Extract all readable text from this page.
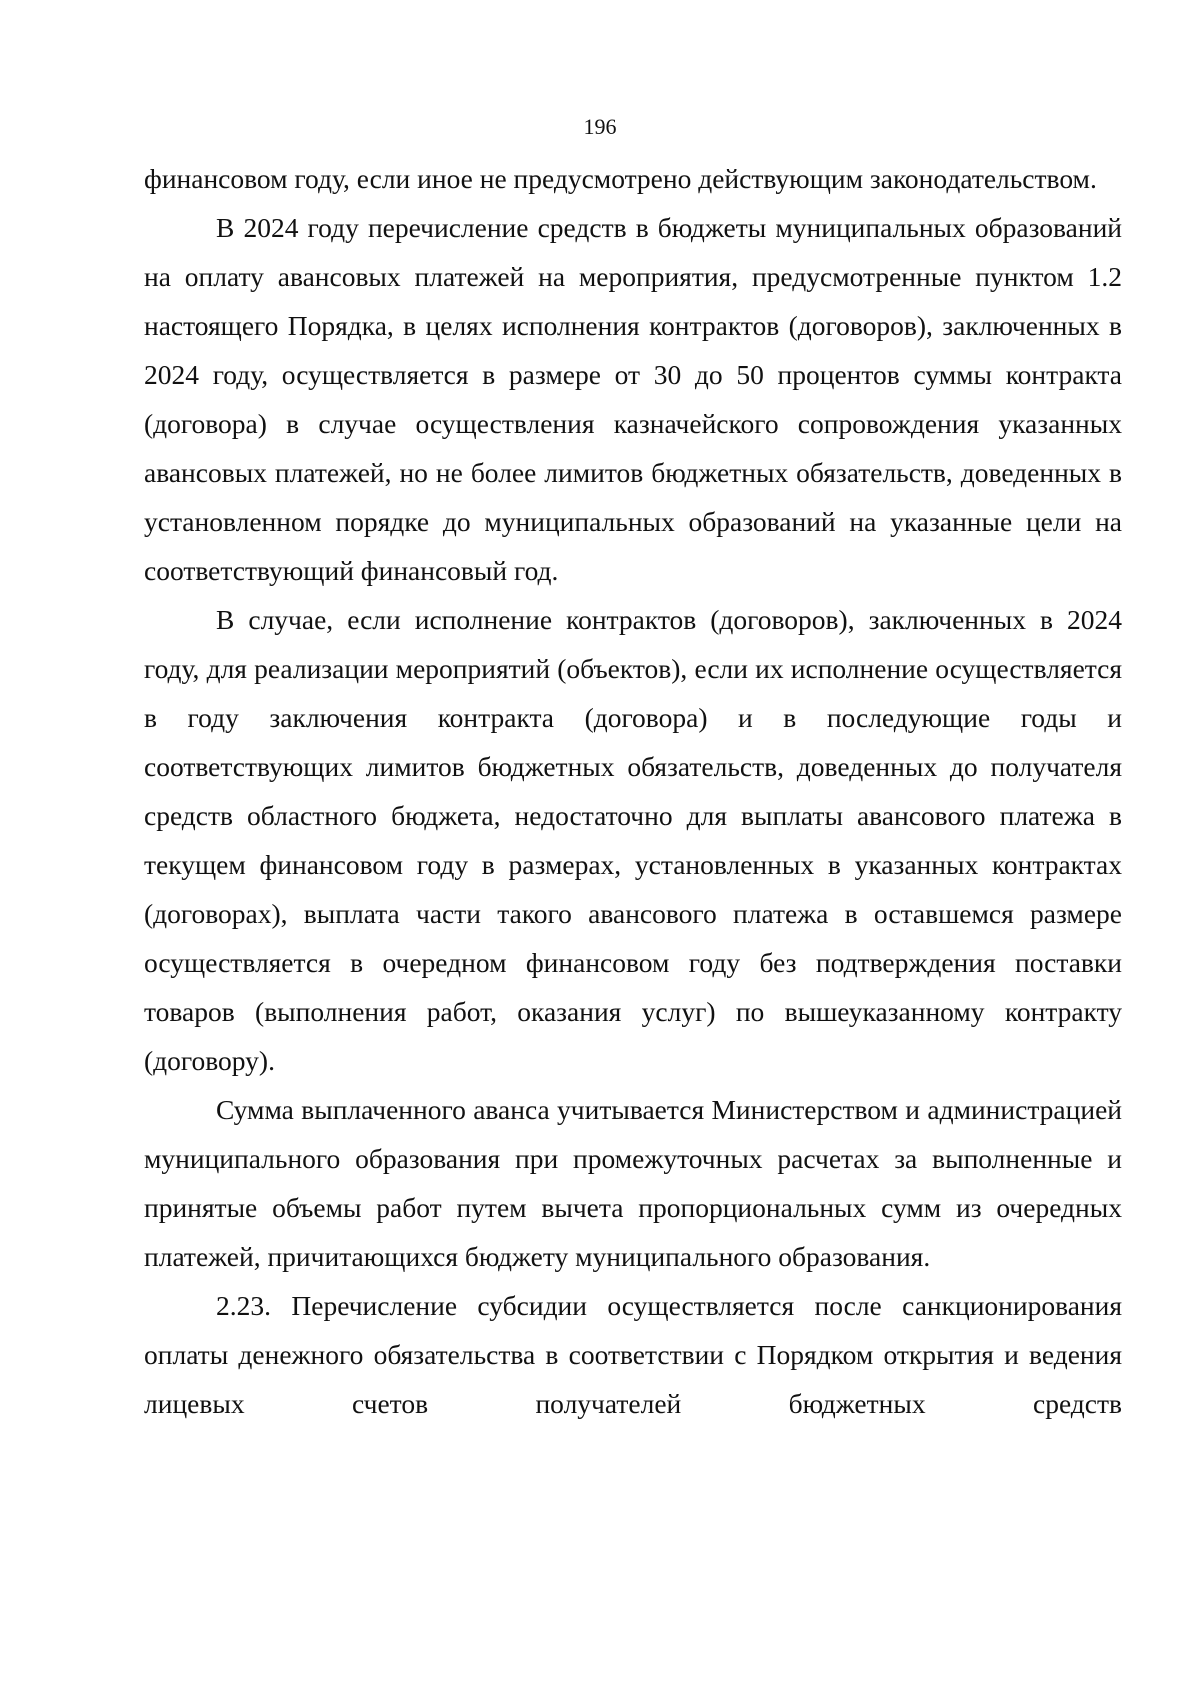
196

финансовом году, если иное не предусмотрено действующим законодательством.

В 2024 году перечисление средств в бюджеты муниципальных образований на оплату авансовых платежей на мероприятия, предусмотренные пунктом 1.2 настоящего Порядка, в целях исполнения контрактов (договоров), заключенных в 2024 году, осуществляется в размере от 30 до 50 процентов суммы контракта (договора) в случае осуществления казначейского сопровождения указанных авансовых платежей, но не более лимитов бюджетных обязательств, доведенных в установленном порядке до муниципальных образований на указанные цели на соответствующий финансовый год.

В случае, если исполнение контрактов (договоров), заключенных в 2024 году, для реализации мероприятий (объектов), если их исполнение осуществляется в году заключения контракта (договора) и в последующие годы и соответствующих лимитов бюджетных обязательств, доведенных до получателя средств областного бюджета, недостаточно для выплаты авансового платежа в текущем финансовом году в размерах, установленных в указанных контрактах (договорах), выплата части такого авансового платежа в оставшемся размере осуществляется в очередном финансовом году без подтверждения поставки товаров (выполнения работ, оказания услуг) по вышеуказанному контракту (договору).

Сумма выплаченного аванса учитывается Министерством и администрацией муниципального образования при промежуточных расчетах за выполненные и принятые объемы работ путем вычета пропорциональных сумм из очередных платежей, причитающихся бюджету муниципального образования.

2.23. Перечисление субсидии осуществляется после санкционирования оплаты денежного обязательства в соответствии с Порядком открытия и ведения лицевых счетов получателей бюджетных средств
